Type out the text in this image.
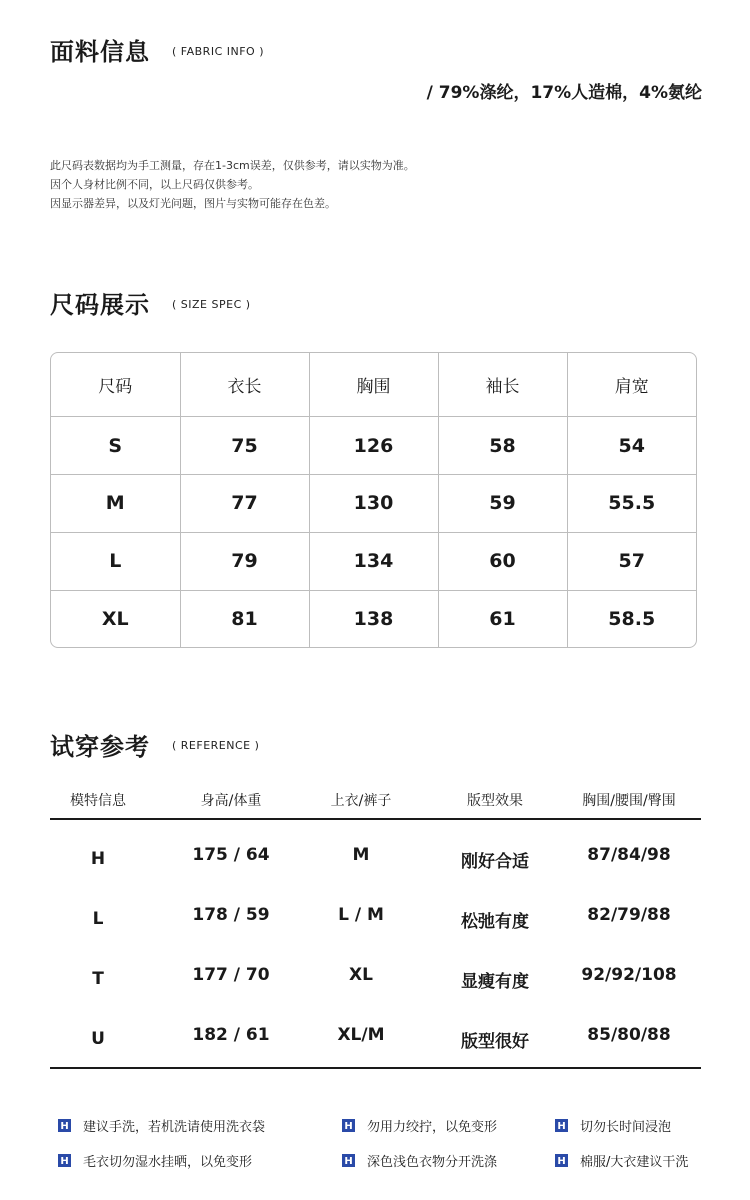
面料信息 ( FABRIC INFO )
/ 79%涤纶，17%人造棉，4%氨纶
此尺码表数据均为手工测量，存在1-3cm误差，仅供参考，请以实物为准。
因个人身材比例不同，以上尺码仅供参考。
因显示器差异，以及灯光问题，图片与实物可能存在色差。
尺码展示 ( SIZE SPEC )
尺码	衣长	胸围	袖长	肩宽
S	75	126	58	54
M	77	130	59	55.5
L	79	134	60	57
XL	81	138	61	58.5
试穿参考 ( REFERENCE )
模特信息	身高/体重	上衣/裤子	版型效果	胸围/腰围/臀围
H	175 / 64	M	刚好合适	87/84/98
L	178 / 59	L / M	松弛有度	82/79/88
T	177 / 70	XL	显瘦有度	92/92/108
U	182 / 61	XL/M	版型很好	85/80/88
H 建议手洗，若机洗请使用洗衣袋	H 勿用力绞拧，以免变形	H 切勿长时间浸泡
H 毛衣切勿湿水挂晒，以免变形	H 深色浅色衣物分开洗涤	H 棉服/大衣建议干洗
